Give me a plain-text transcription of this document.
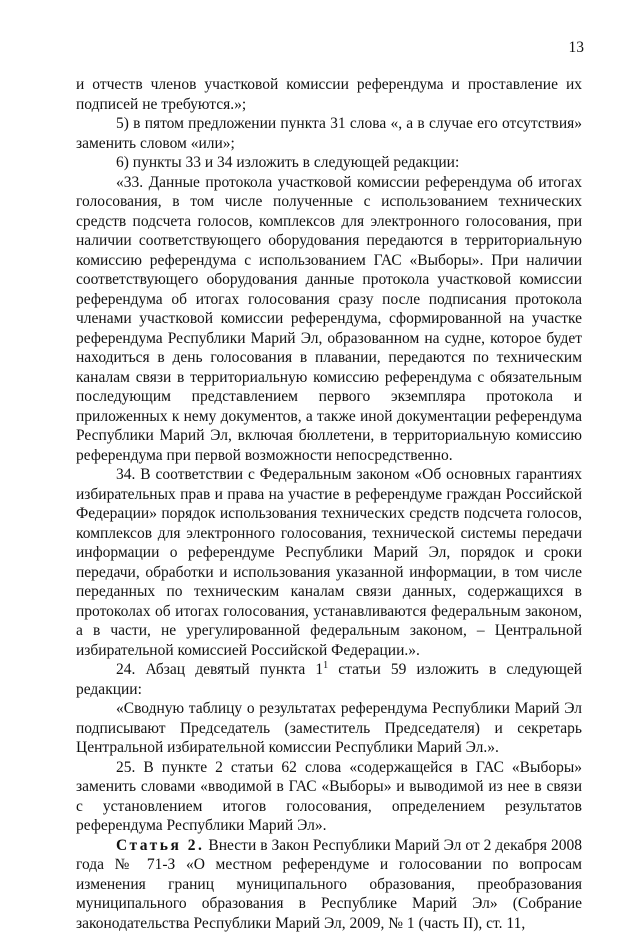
13

и отчеств членов участковой комиссии референдума и проставление их подписей не требуются.»;

5) в пятом предложении пункта 31 слова «, а в случае его отсутствия» заменить словом «или»;

6) пункты 33 и 34 изложить в следующей редакции:

«33. Данные протокола участковой комиссии референдума об итогах голосования, в том числе полученные с использованием технических средств подсчета голосов, комплексов для электронного голосования, при наличии соответствующего оборудования передаются в территориальную комиссию референдума с использованием ГАС «Выборы». При наличии соответствующего оборудования данные протокола участковой комиссии референдума об итогах голосования сразу после подписания протокола членами участковой комиссии референдума, сформированной на участке референдума Республики Марий Эл, образованном на судне, которое будет находиться в день голосования в плавании, передаются по техническим каналам связи в территориальную комиссию референдума с обязательным последующим представлением первого экземпляра протокола и приложенных к нему документов, а также иной документации референдума Республики Марий Эл, включая бюллетени, в территориальную комиссию референдума при первой возможности непосредственно.

34. В соответствии с Федеральным законом «Об основных гарантиях избирательных прав и права на участие в референдуме граждан Российской Федерации» порядок использования технических средств подсчета голосов, комплексов для электронного голосования, технической системы передачи информации о референдуме Республики Марий Эл, порядок и сроки передачи, обработки и использования указанной информации, в том числе переданных по техническим каналам связи данных, содержащихся в протоколах об итогах голосования, устанавливаются федеральным законом, а в части, не урегулированной федеральным законом, – Центральной избирательной комиссией Российской Федерации.».

24. Абзац девятый пункта $1^1$ статьи 59 изложить в следующей редакции:

«Сводную таблицу о результатах референдума Республики Марий Эл подписывают Председатель (заместитель Председателя) и секретарь Центральной избирательной комиссии Республики Марий Эл.».

25. В пункте 2 статьи 62 слова «содержащейся в ГАС «Выборы» заменить словами «вводимой в ГАС «Выборы» и выводимой из нее в связи с установлением итогов голосования, определением результатов референдума Республики Марий Эл».

Статья 2. Внести в Закон Республики Марий Эл от 2 декабря 2008 года № 71-З «О местном референдуме и голосовании по вопросам изменения границ муниципального образования, преобразования муниципального образования в Республике Марий Эл» (Собрание законодательства Республики Марий Эл, 2009, № 1 (часть II), ст. 11,
